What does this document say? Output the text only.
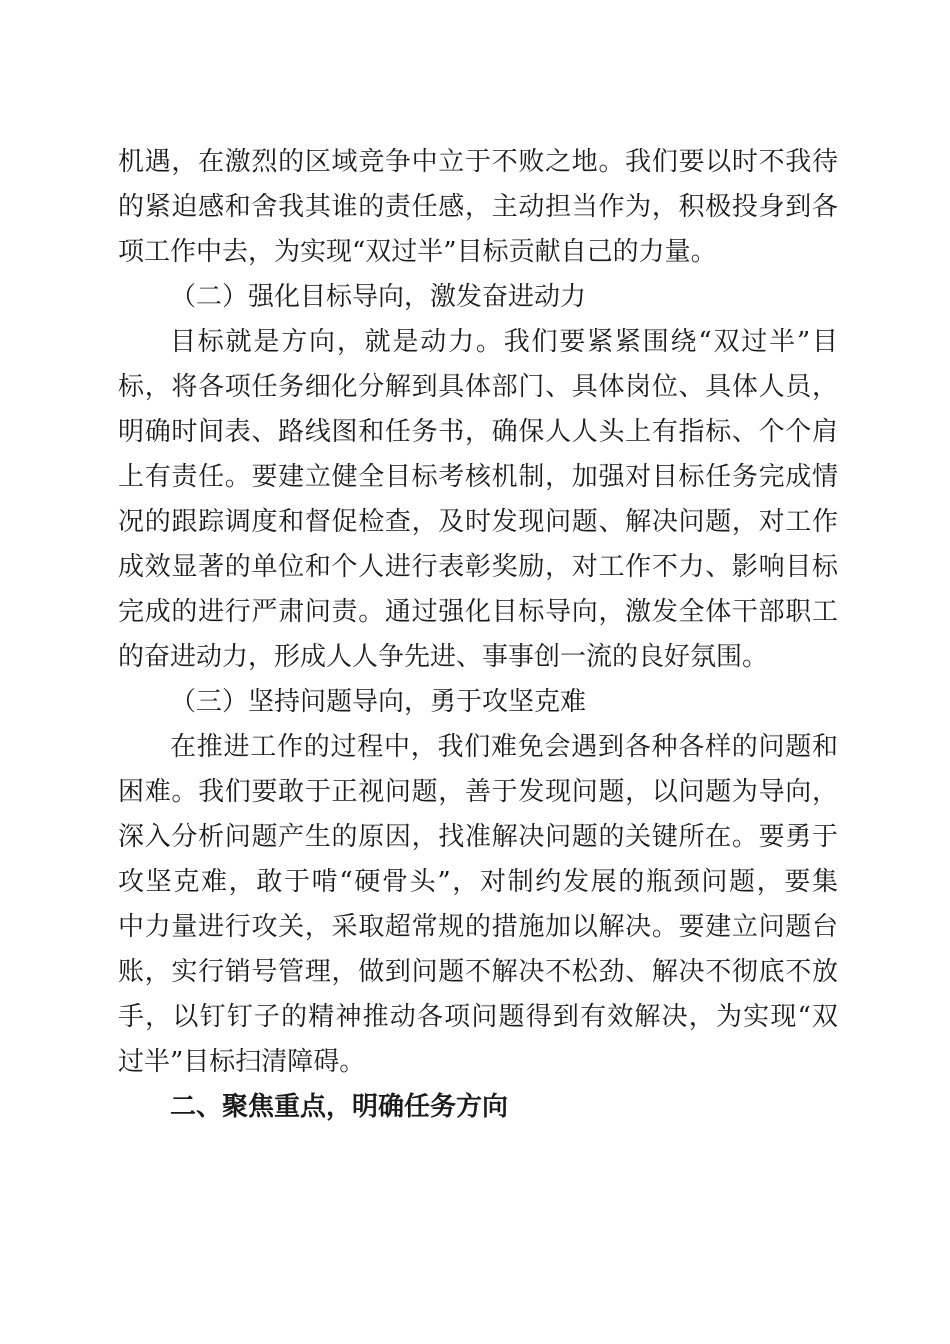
机遇，在激烈的区域竞争中立于不败之地。我们要以时不我待
的紧迫感和舍我其谁的责任感，主动担当作为，积极投身到各
项工作中去，为实现“双过半”目标贡献自己的力量。
（二）强化目标导向，激发奋进动力
目标就是方向，就是动力。我们要紧紧围绕“双过半”目
标，将各项任务细化分解到具体部门、具体岗位、具体人员，
明确时间表、路线图和任务书，确保人人头上有指标、个个肩
上有责任。要建立健全目标考核机制，加强对目标任务完成情
况的跟踪调度和督促检查，及时发现问题、解决问题，对工作
成效显著的单位和个人进行表彰奖励，对工作不力、影响目标
完成的进行严肃问责。通过强化目标导向，激发全体干部职工
的奋进动力，形成人人争先进、事事创一流的良好氛围。
（三）坚持问题导向，勇于攻坚克难
在推进工作的过程中，我们难免会遇到各种各样的问题和
困难。我们要敢于正视问题，善于发现问题，以问题为导向，
深入分析问题产生的原因，找准解决问题的关键所在。要勇于
攻坚克难，敢于啃“硬骨头”，对制约发展的瓶颈问题，要集
中力量进行攻关，采取超常规的措施加以解决。要建立问题台
账，实行销号管理，做到问题不解决不松劲、解决不彻底不放
手，以钉钉子的精神推动各项问题得到有效解决，为实现“双
过半”目标扫清障碍。
二、聚焦重点，明确任务方向
